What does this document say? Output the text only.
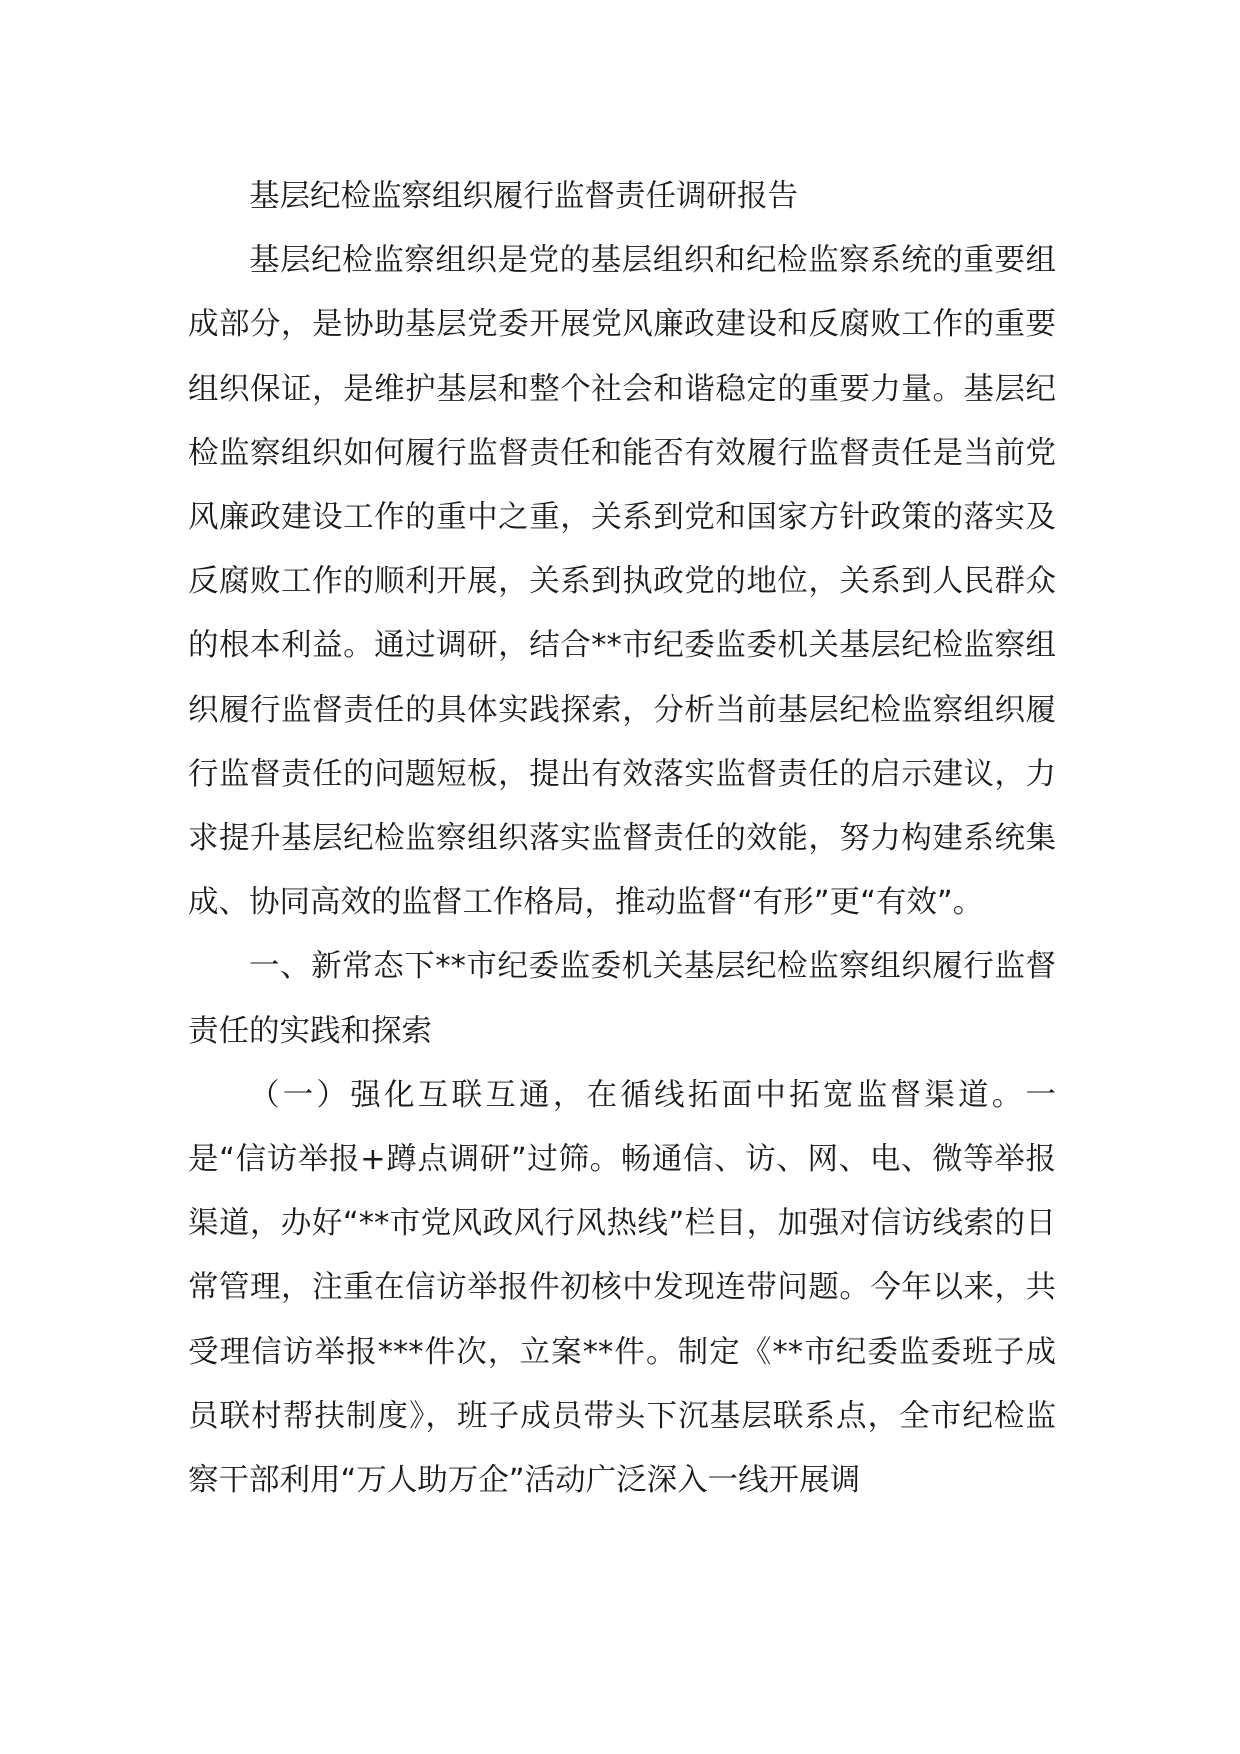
基层纪检监察组织履行监督责任调研报告

基层纪检监察组织是党的基层组织和纪检监察系统的重要组成部分，是协助基层党委开展党风廉政建设和反腐败工作的重要组织保证，是维护基层和整个社会和谐稳定的重要力量。基层纪检监察组织如何履行监督责任和能否有效履行监督责任是当前党风廉政建设工作的重中之重，关系到党和国家方针政策的落实及反腐败工作的顺利开展，关系到执政党的地位，关系到人民群众的根本利益。通过调研，结合**市纪委监委机关基层纪检监察组织履行监督责任的具体实践探索，分析当前基层纪检监察组织履行监督责任的问题短板，提出有效落实监督责任的启示建议，力求提升基层纪检监察组织落实监督责任的效能，努力构建系统集成、协同高效的监督工作格局，推动监督“有形”更“有效”。

一、新常态下**市纪委监委机关基层纪检监察组织履行监督责任的实践和探索

（一）强化互联互通，在循线拓面中拓宽监督渠道。一是“信访举报+蹲点调研”过筛。畅通信、访、网、电、微等举报渠道，办好“**市党风政风行风热线”栏目，加强对信访线索的日常管理，注重在信访举报件初核中发现连带问题。今年以来，共受理信访举报***件次，立案**件。制定《**市纪委监委班子成员联村帮扶制度》，班子成员带头下沉基层联系点，全市纪检监察干部利用“万人助万企”活动广泛深入一线开展调
